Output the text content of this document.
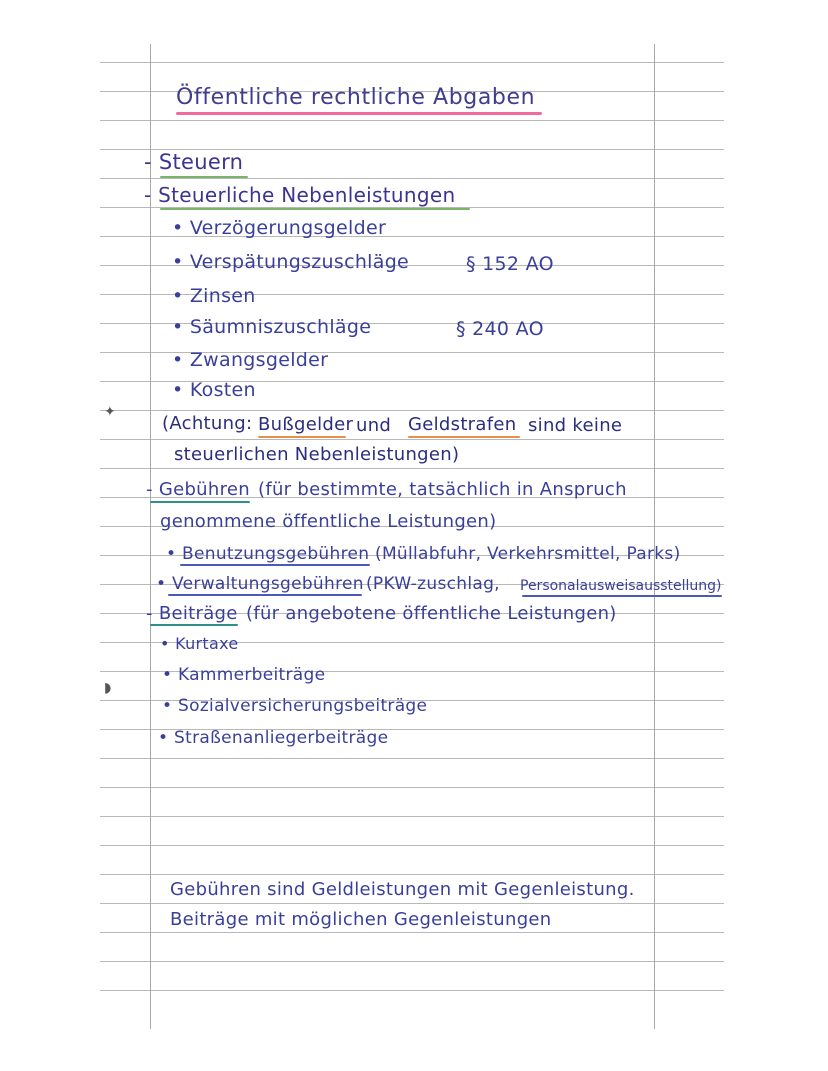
✦
◗
Öffentliche rechtliche Abgaben
- Steuern
- Steuerliche Nebenleistungen
• Verzögerungsgelder
• Verspätungszuschläge	§ 152 AO
• Zinsen
• Säumniszuschläge	§ 240 AO
• Zwangsgelder
• Kosten
(Achtung: Bußgelder und Geldstrafen sind keine
steuerlichen Nebenleistungen)
- Gebühren (für bestimmte, tatsächlich in Anspruch
genommene öffentliche Leistungen)
• Benutzungsgebühren (Müllabfuhr, Verkehrsmittel, Parks)
• Verwaltungsgebühren (PKW-zuschlag, Personalausweisausstellung)
- Beiträge (für angebotene öffentliche Leistungen)
• Kurtaxe
• Kammerbeiträge
• Sozialversicherungsbeiträge
• Straßenanliegerbeiträge
Gebühren sind Geldleistungen mit Gegenleistung.
Beiträge mit möglichen Gegenleistungen
